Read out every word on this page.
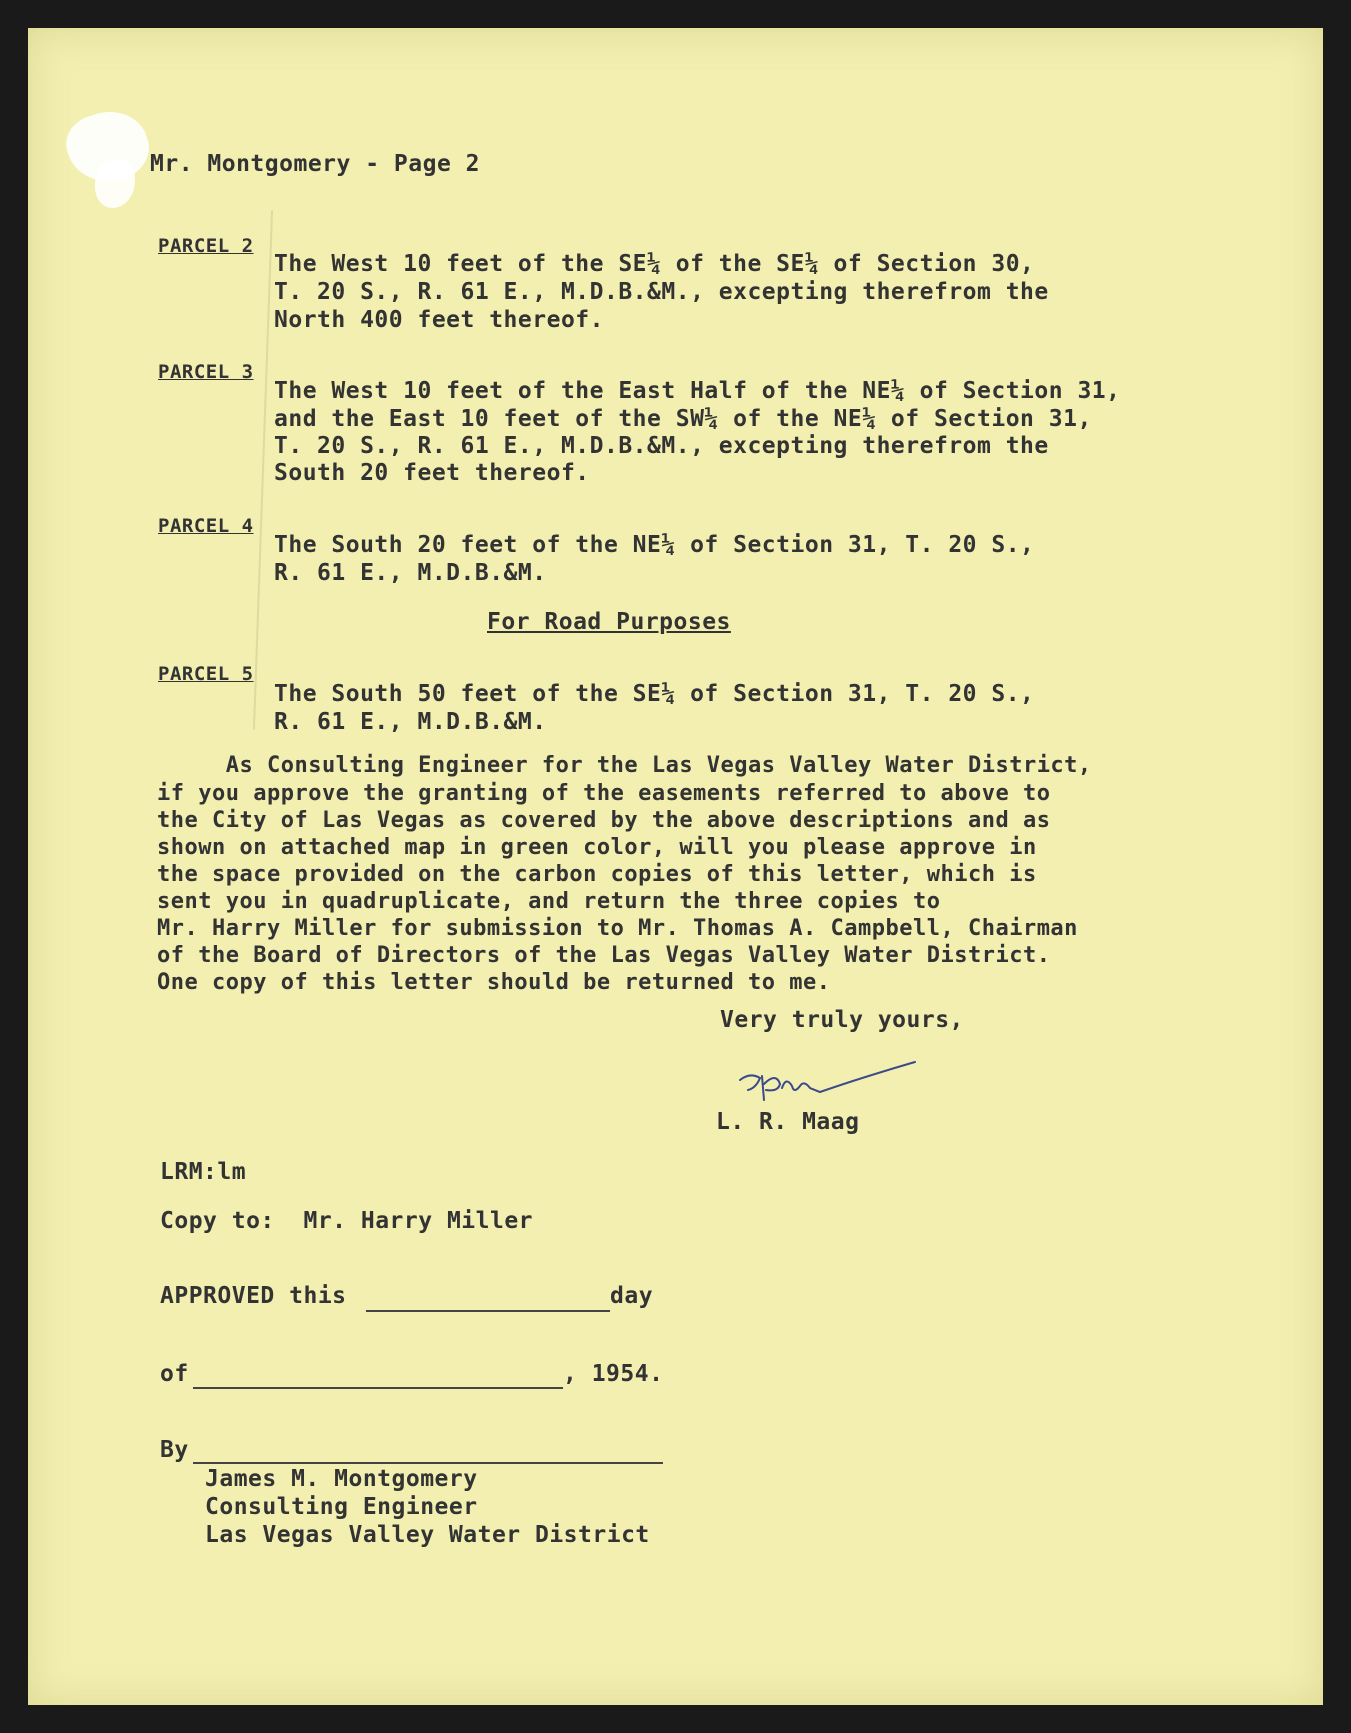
Mr. Montgomery - Page 2

PARCEL 2

The West 10 feet of the SE¼ of the SE¼ of Section 30,

T. 20 S., R. 61 E., M.D.B.&M., excepting therefrom the

North 400 feet thereof.

PARCEL 3

The West 10 feet of the East Half of the NE¼ of Section 31,

and the East 10 feet of the SW¼ of the NE¼ of Section 31,

T. 20 S., R. 61 E., M.D.B.&M., excepting therefrom the

South 20 feet thereof.

PARCEL 4

The South 20 feet of the NE¼ of Section 31, T. 20 S.,

R. 61 E., M.D.B.&M.

For Road Purposes

PARCEL 5

The South 50 feet of the SE¼ of Section 31, T. 20 S.,

R. 61 E., M.D.B.&M.

As Consulting Engineer for the Las Vegas Valley Water District,

if you approve the granting of the easements referred to above to

the City of Las Vegas as covered by the above descriptions and as

shown on attached map in green color, will you please approve in

the space provided on the carbon copies of this letter, which is

sent you in quadruplicate, and return the three copies to

Mr. Harry Miller for submission to Mr. Thomas A. Campbell, Chairman

of the Board of Directors of the Las Vegas Valley Water District.

One copy of this letter should be returned to me.

Very truly yours,

L. R. Maag

LRM:lm

Copy to:  Mr. Harry Miller

APPROVED this	day

of	, 1954.

By

James M. Montgomery

Consulting Engineer

Las Vegas Valley Water District
